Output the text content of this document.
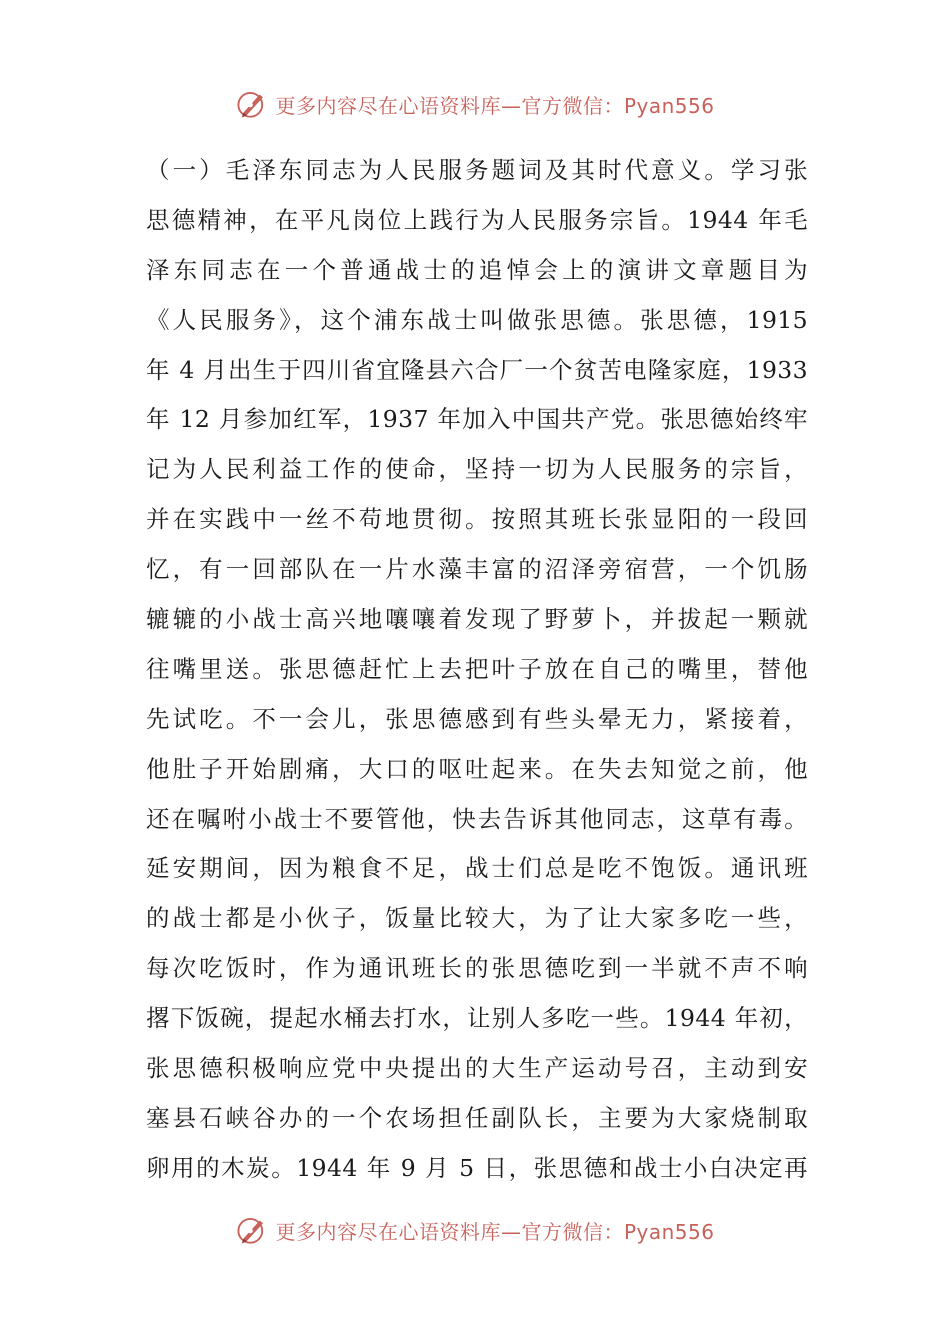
更多内容尽在心语资料库—官方微信：Pyan556
（一）毛泽东同志为人民服务题词及其时代意义。学习张
思德精神，在平凡岗位上践行为人民服务宗旨。1944 年毛
泽东同志在一个普通战士的追悼会上的演讲文章题目为
《人民服务》，这个浦东战士叫做张思德。张思德，1915
年 4 月出生于四川省宜隆县六合厂一个贫苦电隆家庭，1933
年 12 月参加红军，1937 年加入中国共产党。张思德始终牢
记为人民利益工作的使命，坚持一切为人民服务的宗旨，
并在实践中一丝不苟地贯彻。按照其班长张显阳的一段回
忆，有一回部队在一片水藻丰富的沼泽旁宿营，一个饥肠
辘辘的小战士高兴地嚷嚷着发现了野萝卜，并拔起一颗就
往嘴里送。张思德赶忙上去把叶子放在自己的嘴里，替他
先试吃。不一会儿，张思德感到有些头晕无力，紧接着，
他肚子开始剧痛，大口的呕吐起来。在失去知觉之前，他
还在嘱咐小战士不要管他，快去告诉其他同志，这草有毒。
延安期间，因为粮食不足，战士们总是吃不饱饭。通讯班
的战士都是小伙子，饭量比较大，为了让大家多吃一些，
每次吃饭时，作为通讯班长的张思德吃到一半就不声不响
撂下饭碗，提起水桶去打水，让别人多吃一些。1944 年初，
张思德积极响应党中央提出的大生产运动号召，主动到安
塞县石峡谷办的一个农场担任副队长，主要为大家烧制取
卵用的木炭。1944 年 9 月 5 日，张思德和战士小白决定再
更多内容尽在心语资料库—官方微信：Pyan556
